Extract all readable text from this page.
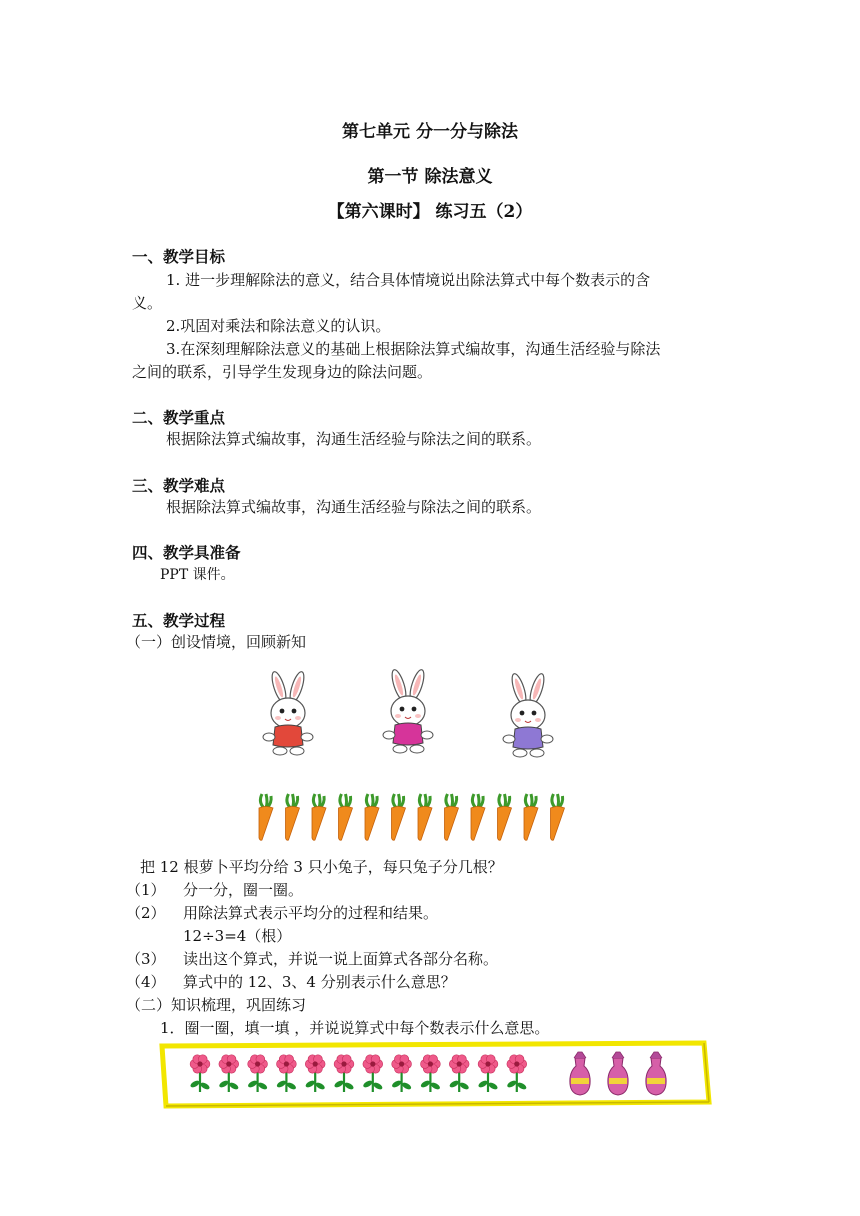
第七单元 分一分与除法
第一节 除法意义
【第六课时】 练习五（2）
一、教学目标
1. 进一步理解除法的意义，结合具体情境说出除法算式中每个数表示的含
义。
2.巩固对乘法和除法意义的认识。
3.在深刻理解除法意义的基础上根据除法算式编故事，沟通生活经验与除法
之间的联系，引导学生发现身边的除法问题。
二、教学重点
根据除法算式编故事，沟通生活经验与除法之间的联系。
三、教学难点
根据除法算式编故事，沟通生活经验与除法之间的联系。
四、教学具准备
PPT 课件。
五、教学过程
（一）创设情境，回顾新知
把 12 根萝卜平均分给 3 只小兔子，每只兔子分几根？
（1） 分一分，圈一圈。
（2） 用除法算式表示平均分的过程和结果。
12÷3=4（根）
（3） 读出这个算式，并说一说上面算式各部分名称。
（4） 算式中的 12、3、4 分别表示什么意思？
（二）知识梳理，巩固练习
1．圈一圈，填一填 ，并说说算式中每个数表示什么意思。
